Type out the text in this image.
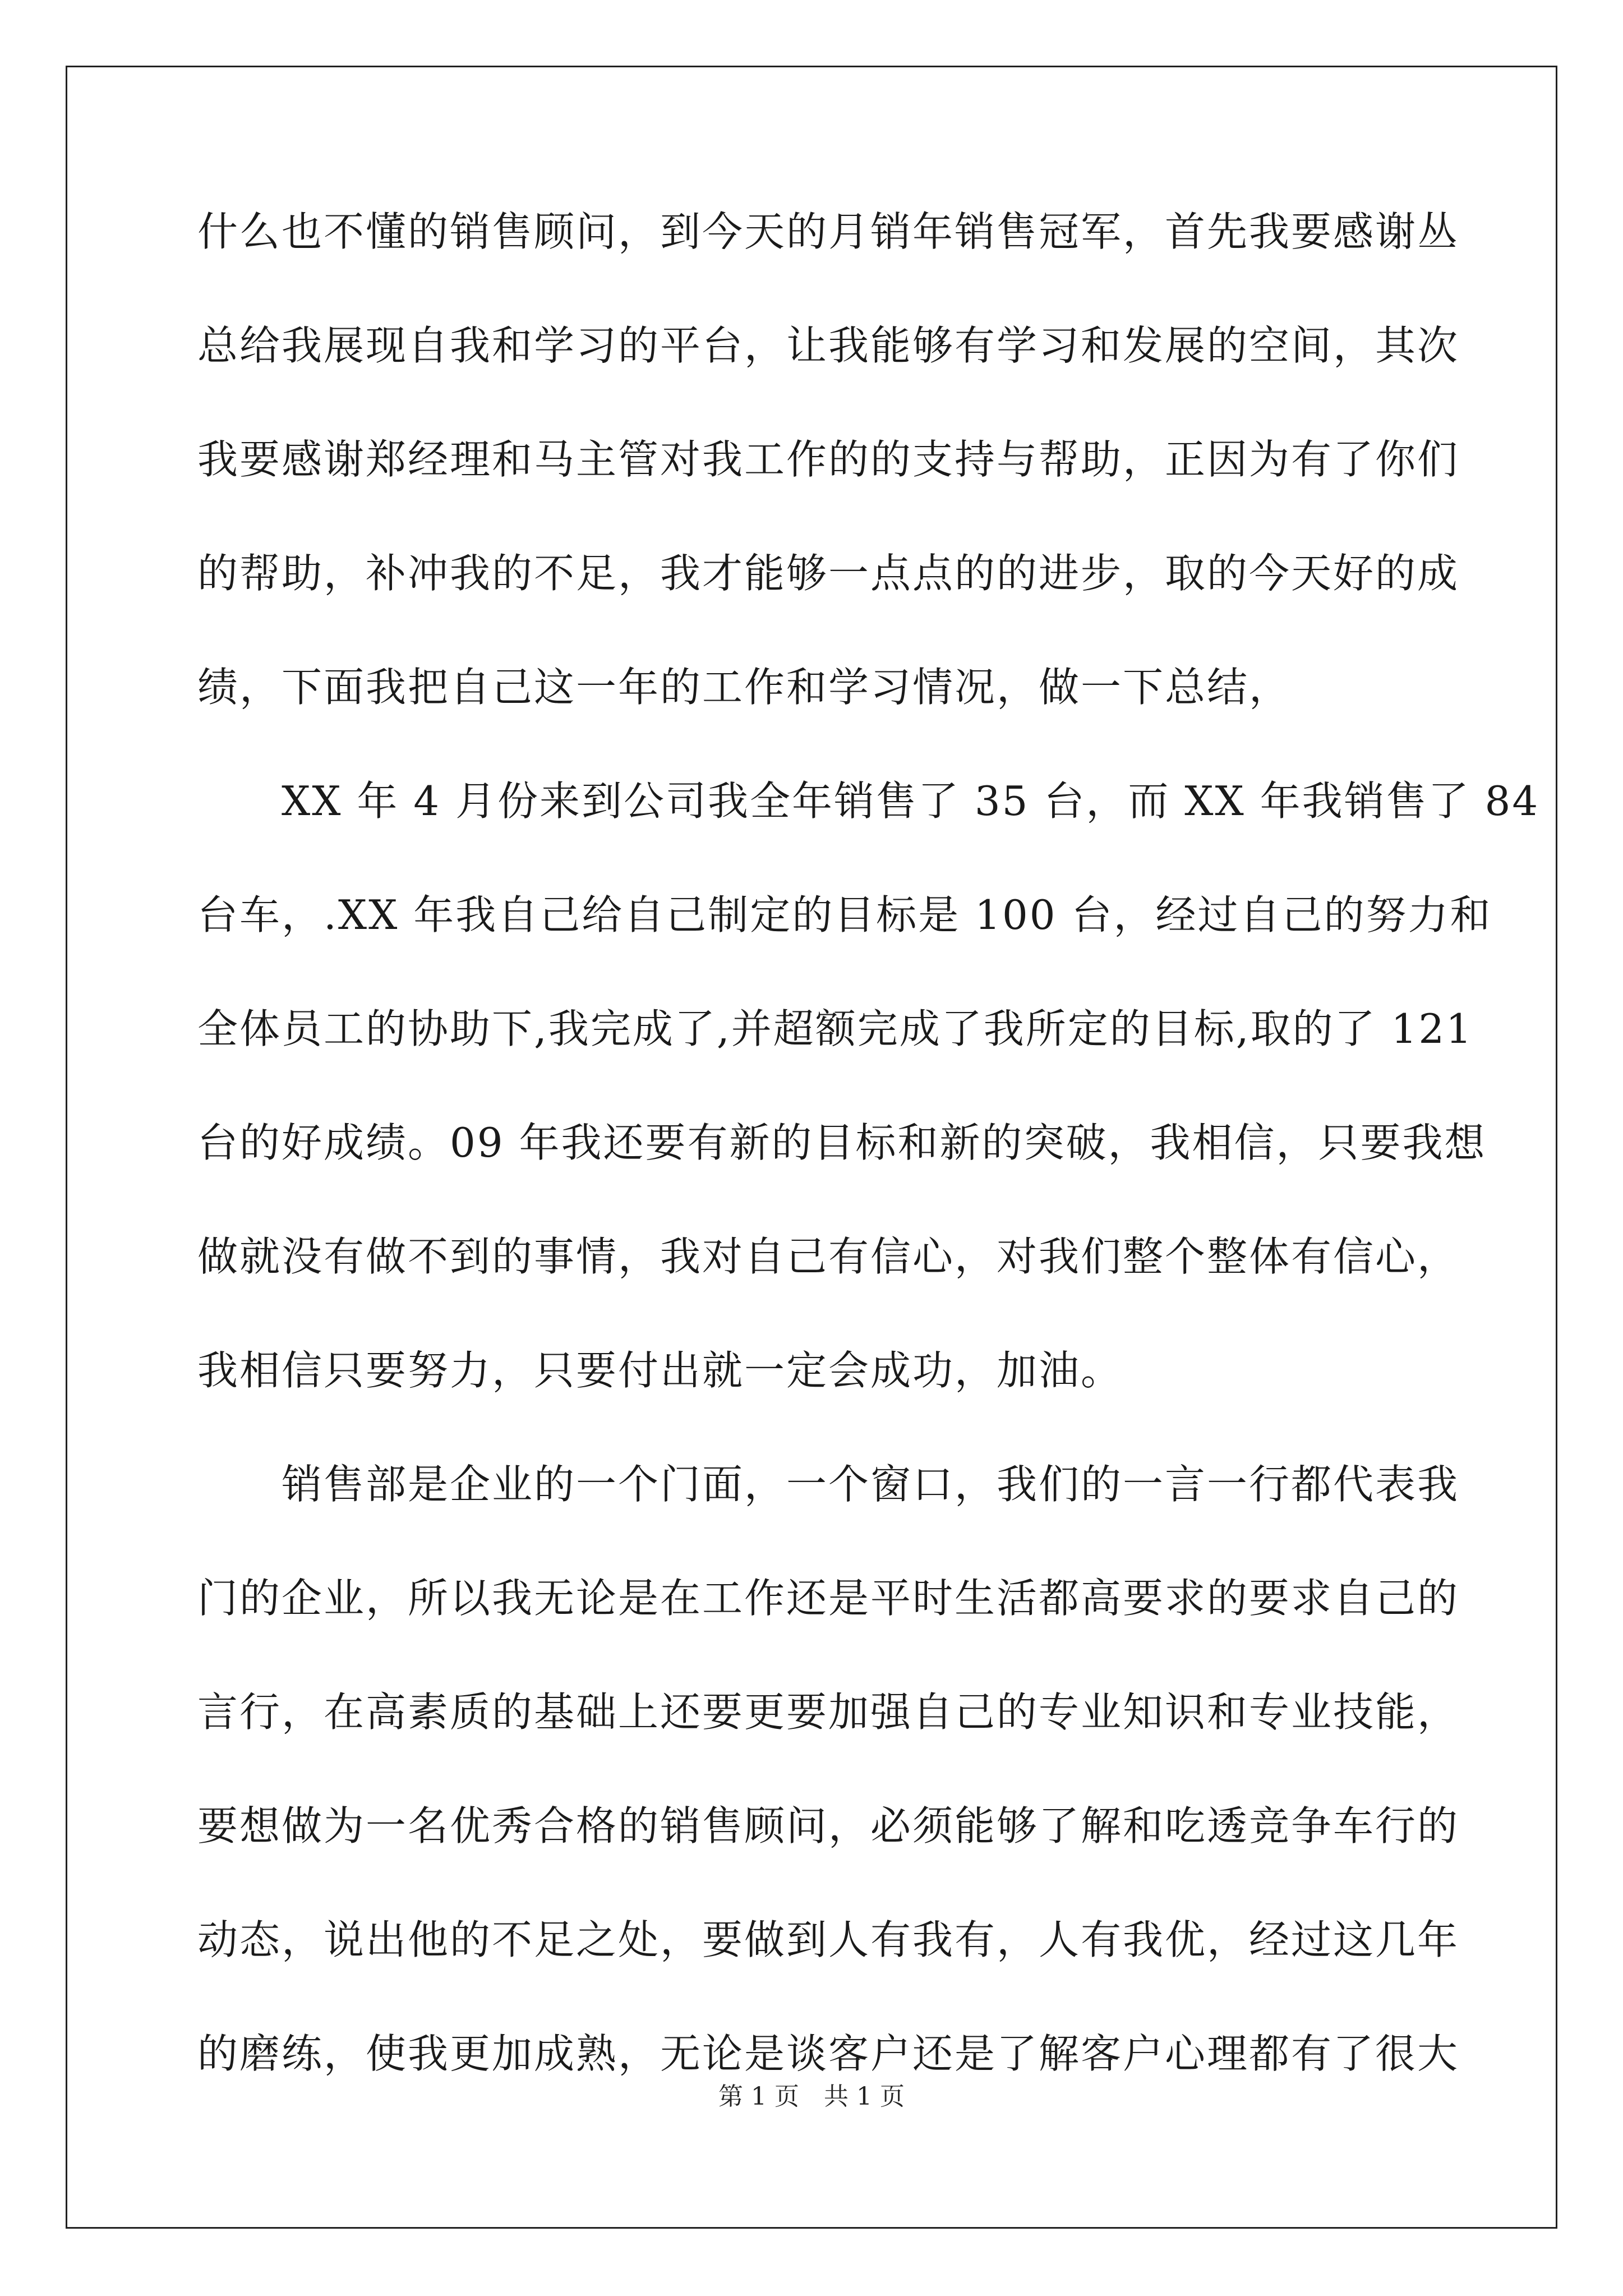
什么也不懂的销售顾问，到今天的月销年销售冠军，首先我要感谢丛
总给我展现自我和学习的平台，让我能够有学习和发展的空间，其次
我要感谢郑经理和马主管对我工作的的支持与帮助，正因为有了你们
的帮助，补冲我的不足，我才能够一点点的的进步，取的今天好的成
绩，下面我把自己这一年的工作和学习情况，做一下总结，
XX 年 4 月份来到公司我全年销售了 35 台，而 XX 年我销售了 84
台车，.XX 年我自己给自己制定的目标是 100 台，经过自己的努力和
全体员工的协助下,我完成了,并超额完成了我所定的目标,取的了 121
台的好成绩。09 年我还要有新的目标和新的突破，我相信，只要我想
做就没有做不到的事情，我对自己有信心，对我们整个整体有信心，
我相信只要努力，只要付出就一定会成功，加油。
销售部是企业的一个门面，一个窗口，我们的一言一行都代表我
门的企业，所以我无论是在工作还是平时生活都高要求的要求自己的
言行，在高素质的基础上还要更要加强自己的专业知识和专业技能，
要想做为一名优秀合格的销售顾问，必须能够了解和吃透竞争车行的
动态，说出他的不足之处，要做到人有我有，人有我优，经过这几年
的磨练，使我更加成熟，无论是谈客户还是了解客户心理都有了很大
第 1 页 共 1 页
